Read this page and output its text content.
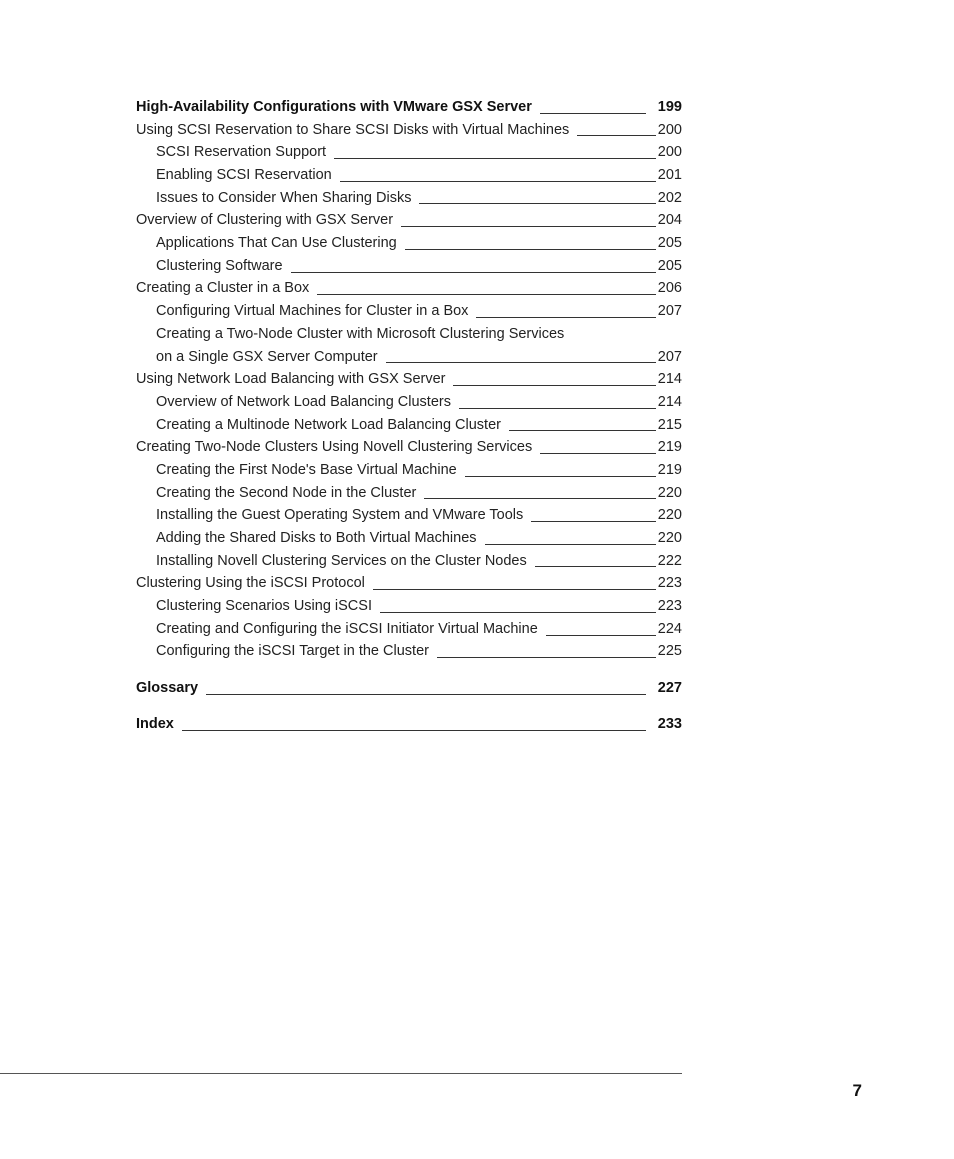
High-Availability Configurations with VMware GSX Server	199
Using SCSI Reservation to Share SCSI Disks with Virtual Machines	200
SCSI Reservation Support	200
Enabling SCSI Reservation	201
Issues to Consider When Sharing Disks	202
Overview of Clustering with GSX Server	204
Applications That Can Use Clustering	205
Clustering Software	205
Creating a Cluster in a Box	206
Configuring Virtual Machines for Cluster in a Box	207
Creating a Two-Node Cluster with Microsoft Clustering Services
on a Single GSX Server Computer	207
Using Network Load Balancing with GSX Server	214
Overview of Network Load Balancing Clusters	214
Creating a Multinode Network Load Balancing Cluster	215
Creating Two-Node Clusters Using Novell Clustering Services	219
Creating the First Node's Base Virtual Machine	219
Creating the Second Node in the Cluster	220
Installing the Guest Operating System and VMware Tools	220
Adding the Shared Disks to Both Virtual Machines	220
Installing Novell Clustering Services on the Cluster Nodes	222
Clustering Using the iSCSI Protocol	223
Clustering Scenarios Using iSCSI	223
Creating and Configuring the iSCSI Initiator Virtual Machine	224
Configuring the iSCSI Target in the Cluster	225
Glossary	227
Index	233
7
